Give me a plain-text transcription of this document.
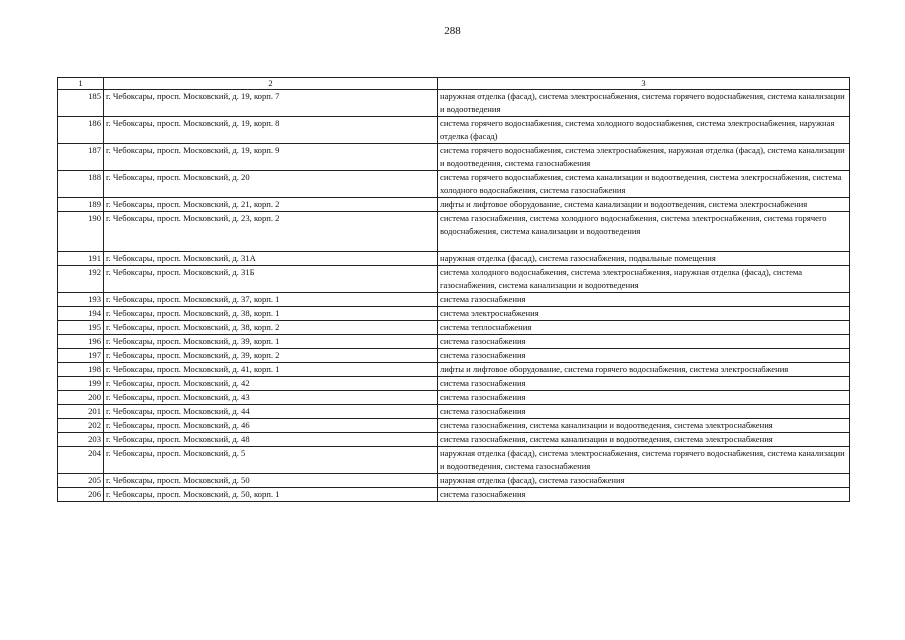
288
1	2	3
185	г. Чебоксары, просп. Московский, д. 19, корп. 7	наружная отделка (фасад), система электроснабжения, система горячего водоснабжения, система канализации и водоотведения
186	г. Чебоксары, просп. Московский, д. 19, корп. 8	система горячего водоснабжения, система холодного водоснабжения, система электроснабжения, наружная отделка (фасад)
187	г. Чебоксары, просп. Московский, д. 19, корп. 9	система горячего водоснабжения, система электроснабжения, наружная отделка (фасад), система канализации и водоотведения, система газоснабжения
188	г. Чебоксары, просп. Московский, д. 20	система горячего водоснабжения, система канализации и водоотведения, система электроснабжения, система холодного водоснабжения, система газоснабжения
189	г. Чебоксары, просп. Московский, д. 21, корп. 2	лифты и лифтовое оборудование, система канализации и водоотведения, система электроснабжения
190	г. Чебоксары, просп. Московский, д. 23, корп. 2	система газоснабжения, система холодного водоснабжения, система электроснабжения, система горячего водоснабжения, система канализации и водоотведения
191	г. Чебоксары, просп. Московский, д. 31А	наружная отделка (фасад), система газоснабжения, подвальные помещения
192	г. Чебоксары, просп. Московский, д. 31Б	система холодного водоснабжения, система электроснабжения, наружная отделка (фасад), система газоснабжения, система канализации и водоотведения
193	г. Чебоксары, просп. Московский, д. 37, корп. 1	система газоснабжения
194	г. Чебоксары, просп. Московский, д. 38, корп. 1	система электроснабжения
195	г. Чебоксары, просп. Московский, д. 38, корп. 2	система теплоснабжения
196	г. Чебоксары, просп. Московский, д. 39, корп. 1	система газоснабжения
197	г. Чебоксары, просп. Московский, д. 39, корп. 2	система газоснабжения
198	г. Чебоксары, просп. Московский, д. 41, корп. 1	лифты и лифтовое оборудование, система горячего водоснабжения, система электроснабжения
199	г. Чебоксары, просп. Московский, д. 42	система газоснабжения
200	г. Чебоксары, просп. Московский, д. 43	система газоснабжения
201	г. Чебоксары, просп. Московский, д. 44	система газоснабжения
202	г. Чебоксары, просп. Московский, д. 46	система газоснабжения, система канализации и водоотведения, система электроснабжения
203	г. Чебоксары, просп. Московский, д. 48	система газоснабжения, система канализации и водоотведения, система электроснабжения
204	г. Чебоксары, просп. Московский, д. 5	наружная отделка (фасад), система электроснабжения, система горячего водоснабжения, система канализации и водоотведения, система газоснабжения
205	г. Чебоксары, просп. Московский, д. 50	наружная отделка (фасад), система газоснабжения
206	г. Чебоксары, просп. Московский, д. 50, корп. 1	система газоснабжения
